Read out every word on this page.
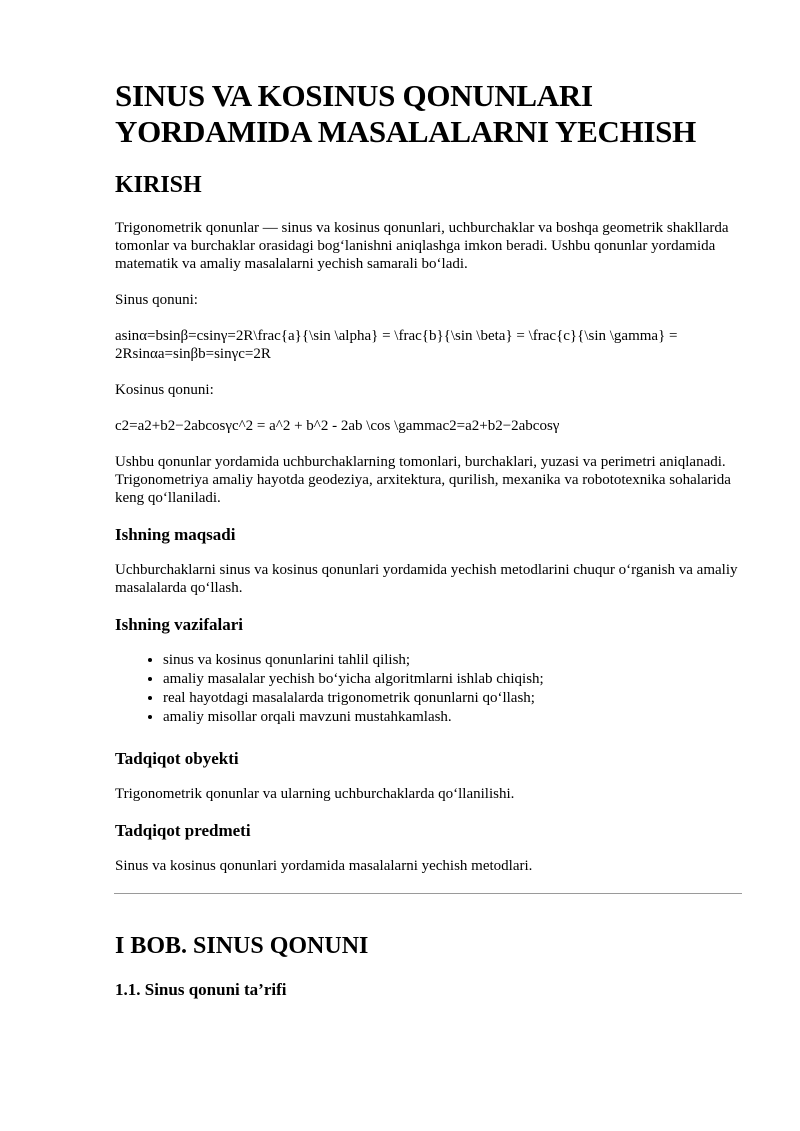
SINUS VA KOSINUS QONUNLARI
YORDAMIDA MASALALARNI YECHISH
KIRISH

Trigonometrik qonunlar — sinus va kosinus qonunlari, uchburchaklar va boshqa geometrik shakllarda tomonlar va burchaklar orasidagi bog‘lanishni aniqlashga imkon beradi. Ushbu qonunlar yordamida matematik va amaliy masalalarni yechish samarali bo‘ladi.

Sinus qonuni:

asinα=bsinβ=csinγ=2R\frac{a}{\sin \alpha} = \frac{b}{\sin \beta} = \frac{c}{\sin \gamma} = 2Rsinαa=sinβb=sinγc=2R

Kosinus qonuni:

c2=a2+b2−2abcosγc^2 = a^2 + b^2 - 2ab \cos \gammac2=a2+b2−2abcosγ

Ushbu qonunlar yordamida uchburchaklarning tomonlari, burchaklari, yuzasi va perimetri aniqlanadi. Trigonometriya amaliy hayotda geodeziya, arxitektura, qurilish, mexanika va robototexnika sohalarida keng qo‘llaniladi.

Ishning maqsadi

Uchburchaklarni sinus va kosinus qonunlari yordamida yechish metodlarini chuqur o‘rganish va amaliy masalalarda qo‘llash.

Ishning vazifalari
• sinus va kosinus qonunlarini tahlil qilish;
• amaliy masalalar yechish bo‘yicha algoritmlarni ishlab chiqish;
• real hayotdagi masalalarda trigonometrik qonunlarni qo‘llash;
• amaliy misollar orqali mavzuni mustahkamlash.
Tadqiqot obyekti

Trigonometrik qonunlar va ularning uchburchaklarda qo‘llanilishi.

Tadqiqot predmeti

Sinus va kosinus qonunlari yordamida masalalarni yechish metodlari.

I BOB. SINUS QONUNI
1.1. Sinus qonuni ta’rifi
